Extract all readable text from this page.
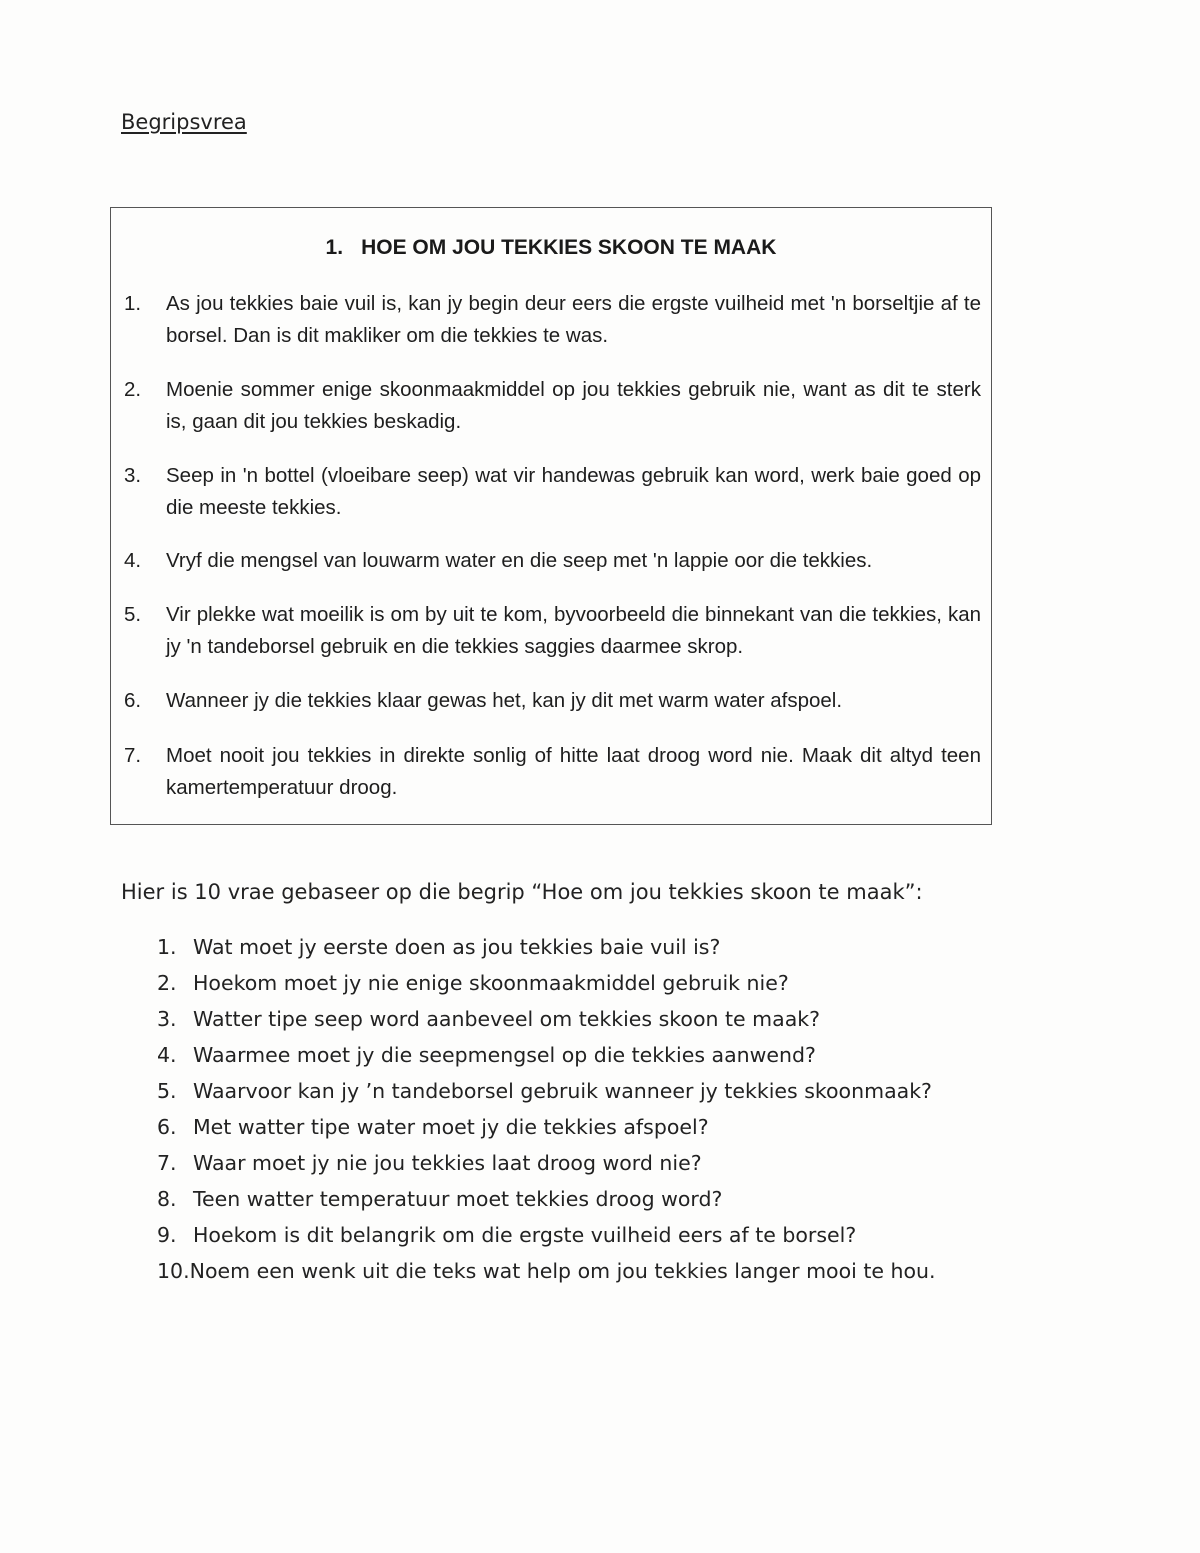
Begripsvrea
1. HOE OM JOU TEKKIES SKOON TE MAAK
1.	As jou tekkies baie vuil is, kan jy begin deur eers die ergste vuilheid met 'n borseltjie af te borsel. Dan is dit makliker om die tekkies te was.
2.	Moenie sommer enige skoonmaakmiddel op jou tekkies gebruik nie, want as dit te sterk is, gaan dit jou tekkies beskadig.
3.	Seep in 'n bottel (vloeibare seep) wat vir handewas gebruik kan word, werk baie goed op die meeste tekkies.
4.	Vryf die mengsel van louwarm water en die seep met 'n lappie oor die tekkies.
5.	Vir plekke wat moeilik is om by uit te kom, byvoorbeeld die binnekant van die tekkies, kan jy 'n tandeborsel gebruik en die tekkies saggies daarmee skrop.
6.	Wanneer jy die tekkies klaar gewas het, kan jy dit met warm water afspoel.
7.	Moet nooit jou tekkies in direkte sonlig of hitte laat droog word nie. Maak dit altyd teen kamertemperatuur droog.
Hier is 10 vrae gebaseer op die begrip “Hoe om jou tekkies skoon te maak”:
1. Wat moet jy eerste doen as jou tekkies baie vuil is?
2. Hoekom moet jy nie enige skoonmaakmiddel gebruik nie?
3. Watter tipe seep word aanbeveel om tekkies skoon te maak?
4. Waarmee moet jy die seepmengsel op die tekkies aanwend?
5. Waarvoor kan jy ’n tandeborsel gebruik wanneer jy tekkies skoonmaak?
6. Met watter tipe water moet jy die tekkies afspoel?
7. Waar moet jy nie jou tekkies laat droog word nie?
8. Teen watter temperatuur moet tekkies droog word?
9. Hoekom is dit belangrik om die ergste vuilheid eers af te borsel?
10.Noem een wenk uit die teks wat help om jou tekkies langer mooi te hou.
